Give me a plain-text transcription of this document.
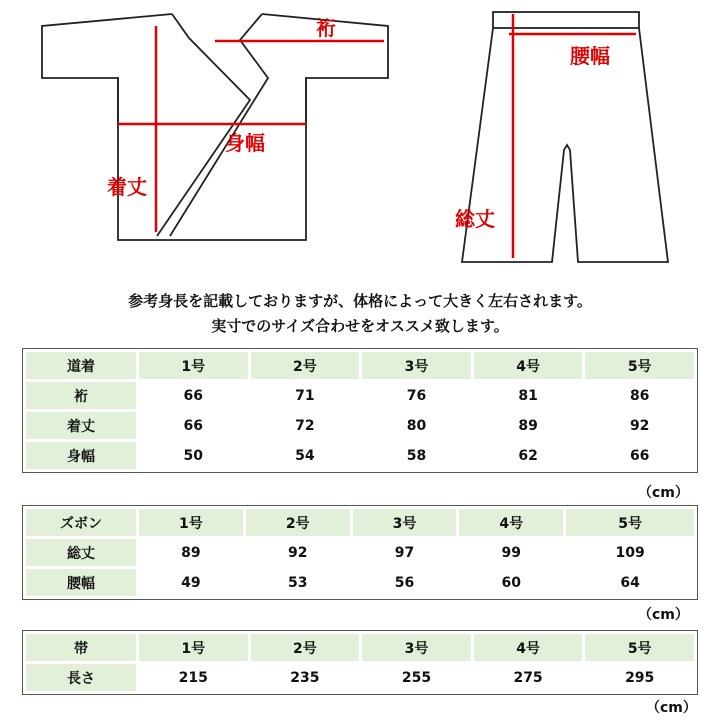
裄
身幅
着丈
腰幅
総丈
参考身長を記載しておりますが、体格によって大きく左右されます。
実寸でのサイズ合わせをオススメ致します。
道着	1号	2号	3号	4号	5号
裄	66	71	76	81	86
着丈	66	72	80	89	92
身幅	50	54	58	62	66
（cm）
ズボン	1号	2号	3号	4号	5号
総丈	89	92	97	99	109
腰幅	49	53	56	60	64
（cm）
帯	1号	2号	3号	4号	5号
長さ	215	235	255	275	295
（cm）
